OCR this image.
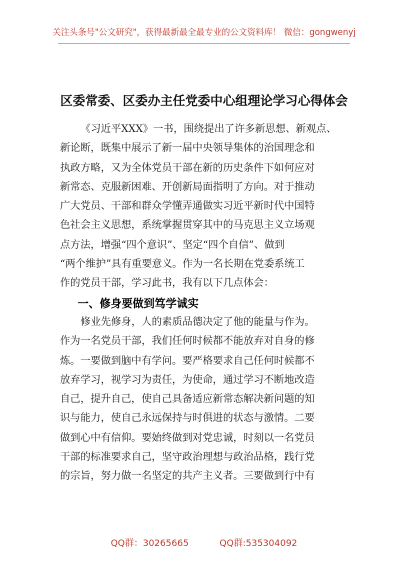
关注头条号"公文研究"，获得最新最全最专业的公文资料库！ 微信：gongwenyj
区委常委、区委办主任党委中心组理论学习心得体会
《习近平XXX》一书，围绕提出了许多新思想、新观点、
新论断，既集中展示了新一届中央领导集体的治国理念和
执政方略，又为全体党员干部在新的历史条件下如何应对
新常态、克服新困难、开创新局面指明了方向。对于推动
广大党员、干部和群众学懂弄通做实习近平新时代中国特
色社会主义思想，系统掌握贯穿其中的马克思主义立场观
点方法，增强“四个意识”、坚定“四个自信”、做到
“两个维护”具有重要意义。作为一名长期在党委系统工
作的党员干部，学习此书，我有以下几点体会：
一、修身要做到笃学诚实
修业先修身，人的素质品德决定了他的能量与作为。
作为一名党员干部，我们任何时候都不能放弃对自身的修
炼。一要做到脑中有学问。要严格要求自己任何时候都不
放弃学习，视学习为责任，为使命，通过学习不断地改造
自己，提升自己，使自己具备适应新常态解决新问题的知
识与能力，使自己永远保持与时俱进的状态与激情。二要
做到心中有信仰。要始终做到对党忠诚，时刻以一名党员
干部的标准要求自己，坚守政治理想与政治品格，践行党
的宗旨，努力做一名坚定的共产主义者。三要做到行中有
QQ群：30265665	QQ群:535304092
